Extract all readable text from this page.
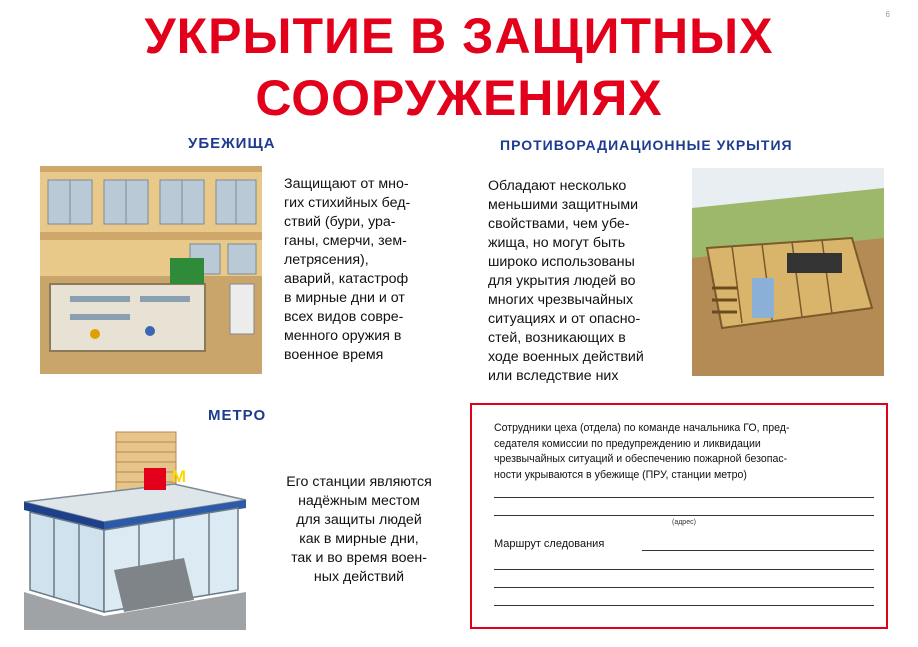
6
УКРЫТИЕ В ЗАЩИТНЫХ
СООРУЖЕНИЯХ
УБЕЖИЩА

Защищают от мно-
гих стихийных бед-
ствий (бури, ура-
ганы, смерчи, зем-
летрясения),
аварий, катастроф
в мирные дни и от
всех видов совре-
менного оружия в
военное время

ПРОТИВОРАДИАЦИОННЫЕ УКРЫТИЯ

Обладают несколько
меньшими защитными
свойствами, чем убе-
жища, но могут быть
широко использованы
для укрытия людей во
многих чрезвычайных
ситуациях и от опасно-
стей, возникающих в
ходе военных действий
или вследствие них

МЕТРО
М	Его станции являются
надёжным местом
для защиты людей
как в мирные дни,
так и во время воен-
ных действий

Сотрудники цеха (отдела) по команде начальника ГО, пред-
седателя комиссии по предупреждению и ликвидации
чрезвычайных ситуаций и обеспечению пожарной безопас-
ности укрываются в убежище (ПРУ, станции метро)

(адрес)
Маршрут следования
